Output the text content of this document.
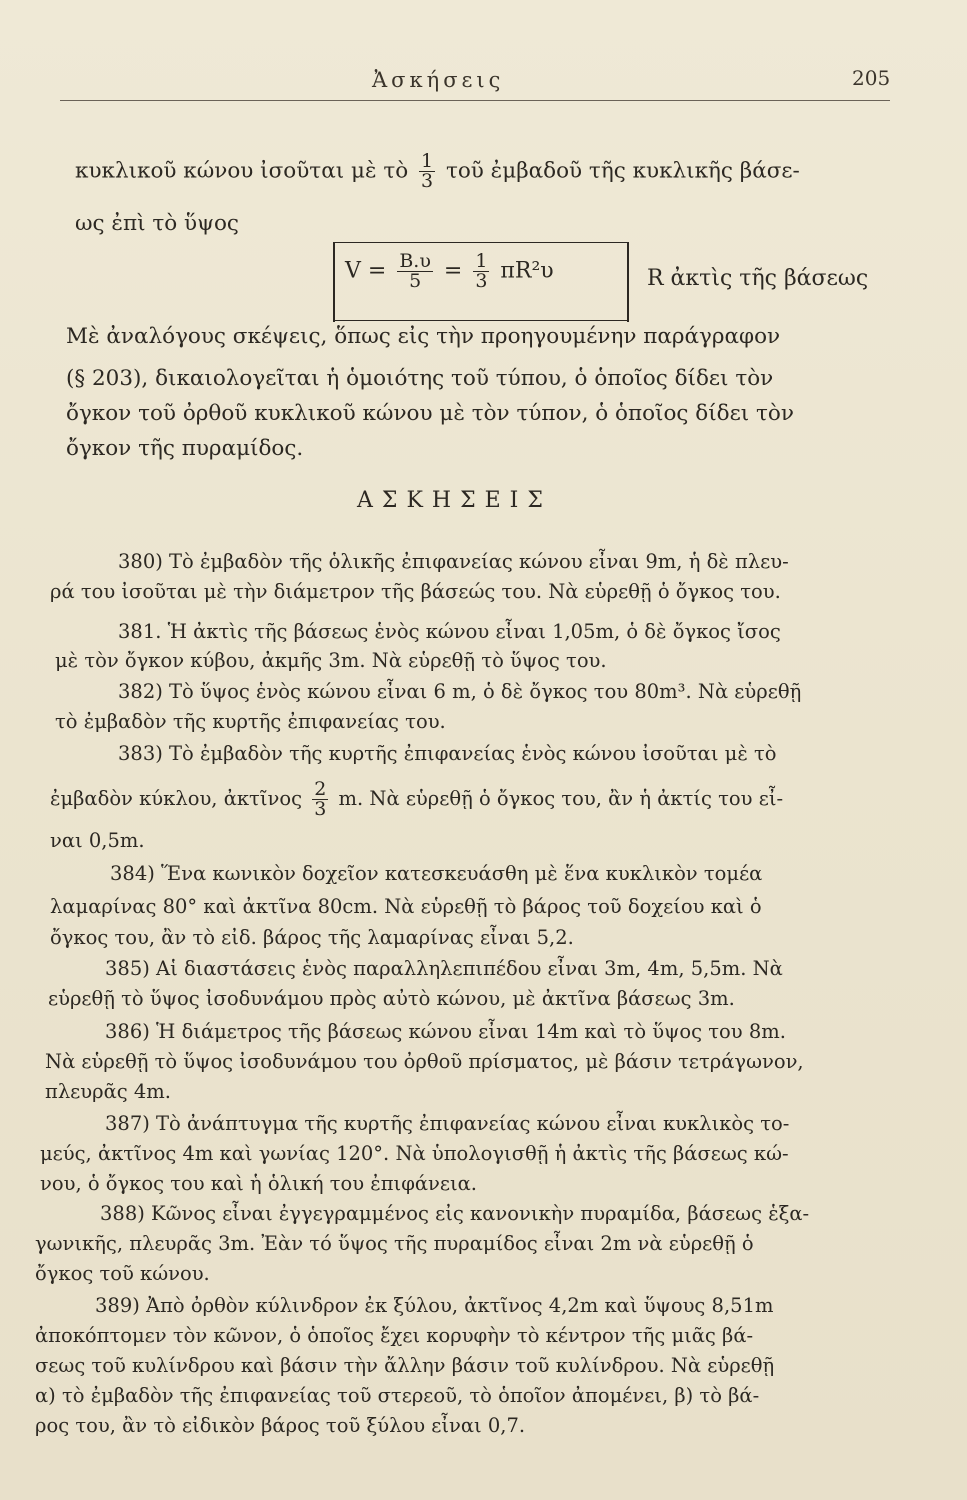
Ἀσκήσεις	205
κυκλικοῦ κώνου ἰσοῦται μὲ τὸ $\frac{1}{3}$ τοῦ ἐμβαδοῦ τῆς κυκλικῆς βάσε-
ως ἐπὶ τὸ ὕψος
$V = \frac{B.\upsilon}{5} = \frac{1}{3} \pi R^2\upsilon$	R ἀκτὶς τῆς βάσεως
Μὲ ἀναλόγους σκέψεις, ὅπως εἰς τὴν προηγουμένην παράγραφον
(§ 203), δικαιολογεῖται ἡ ὁμοιότης τοῦ τύπου, ὁ ὁποῖος δίδει τὸν
ὄγκον τοῦ ὀρθοῦ κυκλικοῦ κώνου μὲ τὸν τύπον, ὁ ὁποῖος δίδει τὸν
ὄγκον τῆς πυραμίδος.
ΑΣΚΗΣΕΙΣ
380) Τὸ ἐμβαδὸν τῆς ὁλικῆς ἐπιφανείας κώνου εἶναι 9m, ἡ δὲ πλευ-
ρά του ἰσοῦται μὲ τὴν διάμετρον τῆς βάσεώς του. Νὰ εὑρεθῇ ὁ ὄγκος του.
381. Ἡ ἀκτὶς τῆς βάσεως ἑνὸς κώνου εἶναι 1,05m, ὁ δὲ ὄγκος ἴσος
μὲ τὸν ὄγκον κύβου, ἀκμῆς 3m. Νὰ εὑρεθῇ τὸ ὕψος του.
382) Τὸ ὕψος ἑνὸς κώνου εἶναι 6 m, ὁ δὲ ὄγκος του 80m³. Νὰ εὑρεθῇ
τὸ ἐμβαδὸν τῆς κυρτῆς ἐπιφανείας του.
383) Τὸ ἐμβαδὸν τῆς κυρτῆς ἐπιφανείας ἑνὸς κώνου ἰσοῦται μὲ τὸ
ἐμβαδὸν κύκλου, ἀκτῖνος $\frac{2}{3} m$. Νὰ εὑρεθῇ ὁ ὄγκος του, ἂν ἡ ἀκτίς του εἶ-
ναι 0,5m.
384) Ἕνα κωνικὸν δοχεῖον κατεσκευάσθη μὲ ἕνα κυκλικὸν τομέα
λαμαρίνας 80° καὶ ἀκτῖνα 80cm. Νὰ εὑρεθῇ τὸ βάρος τοῦ δοχείου καὶ ὁ
ὄγκος του, ἂν τὸ εἰδ. βάρος τῆς λαμαρίνας εἶναι 5,2.
385) Αἱ διαστάσεις ἑνὸς παραλληλεπιπέδου εἶναι 3m, 4m, 5,5m. Νὰ
εὑρεθῇ τὸ ὕψος ἰσοδυνάμου πρὸς αὐτὸ κώνου, μὲ ἀκτῖνα βάσεως 3m.
386) Ἡ διάμετρος τῆς βάσεως κώνου εἶναι 14m καὶ τὸ ὕψος του 8m.
Νὰ εὑρεθῇ τὸ ὕψος ἰσοδυνάμου του ὀρθοῦ πρίσματος, μὲ βάσιν τετράγωνον,
πλευρᾶς 4m.
387) Τὸ ἀνάπτυγμα τῆς κυρτῆς ἐπιφανείας κώνου εἶναι κυκλικὸς το-
μεύς, ἀκτῖνος 4m καὶ γωνίας 120°. Νὰ ὑπολογισθῇ ἡ ἀκτὶς τῆς βάσεως κώ-
νου, ὁ ὄγκος του καὶ ἡ ὁλική του ἐπιφάνεια.
388) Κῶνος εἶναι ἐγγεγραμμένος εἰς κανονικὴν πυραμίδα, βάσεως ἑξα-
γωνικῆς, πλευρᾶς 3m. Ἐὰν τό ὕψος τῆς πυραμίδος εἶναι 2m νὰ εὑρεθῇ ὁ
ὄγκος τοῦ κώνου.
389) Ἀπὸ ὀρθὸν κύλινδρον ἐκ ξύλου, ἀκτῖνος 4,2m καὶ ὕψους 8,51m
ἀποκόπτομεν τὸν κῶνον, ὁ ὁποῖος ἔχει κορυφὴν τὸ κέντρον τῆς μιᾶς βά-
σεως τοῦ κυλίνδρου καὶ βάσιν τὴν ἄλλην βάσιν τοῦ κυλίνδρου. Νὰ εὑρεθῇ
α) τὸ ἐμβαδὸν τῆς ἐπιφανείας τοῦ στερεοῦ, τὸ ὁποῖον ἀπομένει, β) τὸ βά-
ρος του, ἂν τὸ εἰδικὸν βάρος τοῦ ξύλου εἶναι 0,7.
